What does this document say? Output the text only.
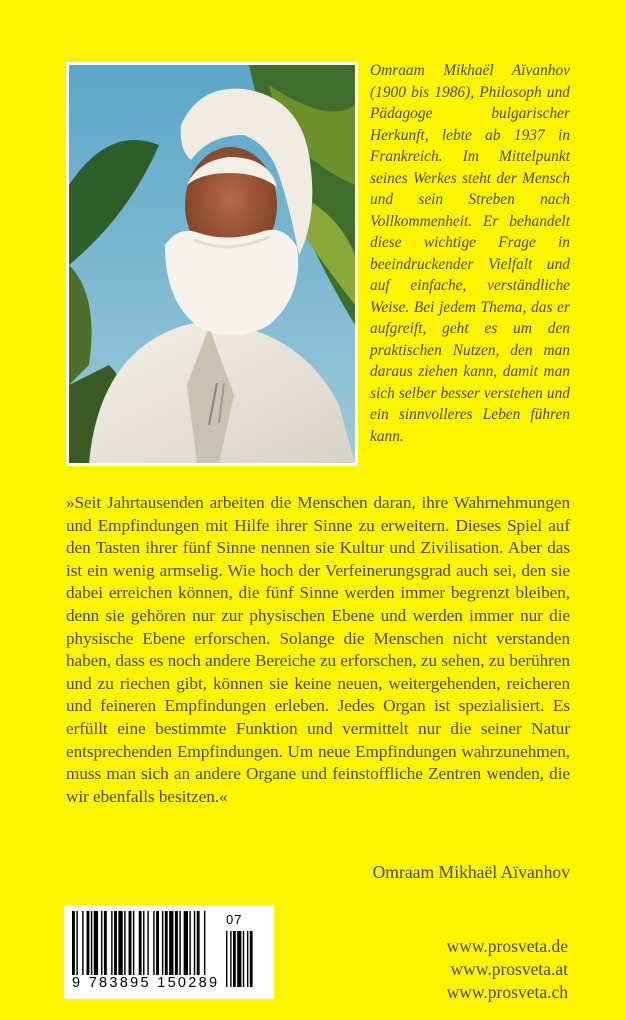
Omraam Mikhaël Aïvanhov (1900 bis 1986), Philosoph und Pädagoge bulgarischer Herkunft, lebte ab 1937 in Frankreich. Im Mittelpunkt seines Werkes steht der Mensch und sein Streben nach Vollkommenheit. Er behandelt diese wichtige Frage in beeindruckender Vielfalt und auf einfache, verständliche Weise. Bei jedem Thema, das er aufgreift, geht es um den praktischen Nutzen, den man daraus ziehen kann, damit man sich selber besser verstehen und ein sinnvolleres Leben führen kann.

»Seit Jahrtausenden arbeiten die Menschen daran, ihre Wahrnehmungen und Empfindungen mit Hilfe ihrer Sinne zu erweitern. Dieses Spiel auf den Tasten ihrer fünf Sinne nennen sie Kultur und Zivilisation. Aber das ist ein wenig armselig. Wie hoch der Verfeinerungsgrad auch sei, den sie dabei erreichen können, die fünf Sinne werden immer begrenzt bleiben, denn sie gehören nur zur physischen Ebene und werden immer nur die physische Ebene erforschen. Solange die Menschen nicht verstanden haben, dass es noch andere Bereiche zu erforschen, zu sehen, zu berühren und zu riechen gibt, können sie keine neuen, weitergehenden, reicheren und feineren Empfindungen erleben. Jedes Organ ist spezialisiert. Es erfüllt eine bestimmte Funktion und vermittelt nur die seiner Natur entsprechenden Empfindungen. Um neue Empfindungen wahrzunehmen, muss man sich an andere Organe und feinstoffliche Zentren wenden, die wir ebenfalls besitzen.«

Omraam Mikhaël Aïvanhov

07
9 783895 150289
www.prosveta.de
www.prosveta.at
www.prosveta.ch
